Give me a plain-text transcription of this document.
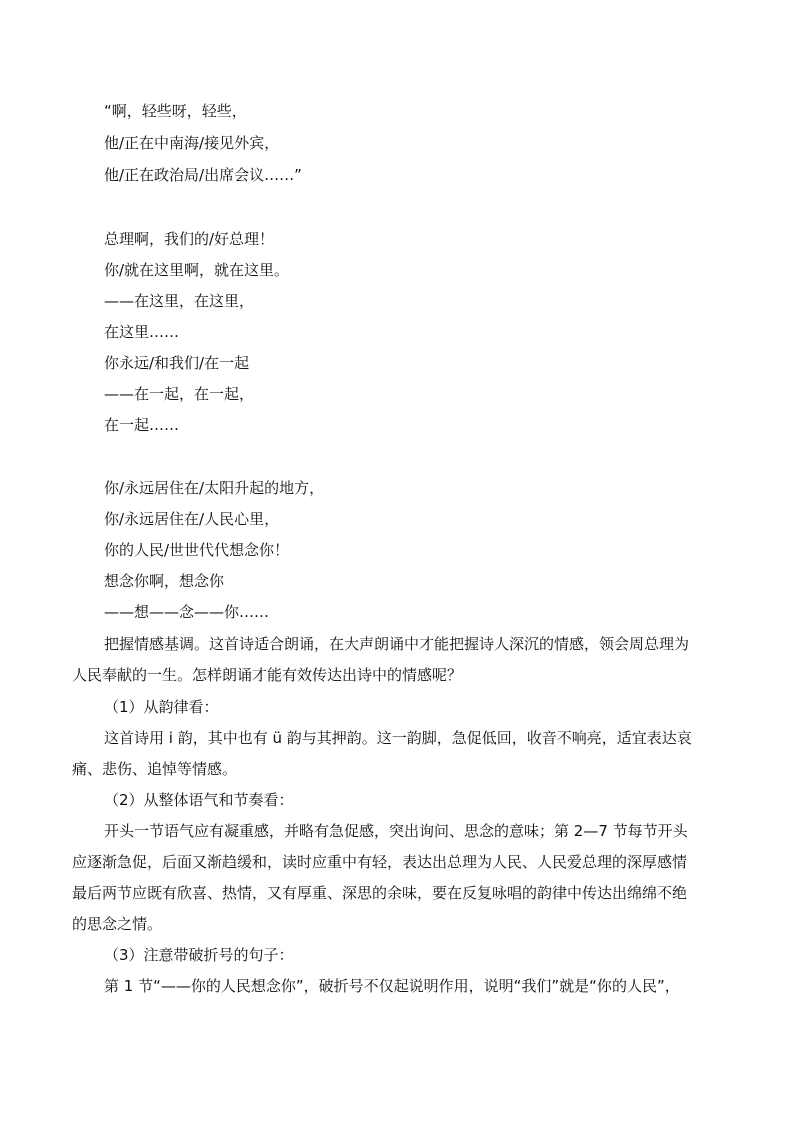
“啊，轻些呀，轻些，
他/正在中南海/接见外宾，
他/正在政治局/出席会议……”
总理啊，我们的/好总理！
你/就在这里啊，就在这里。
——在这里，在这里，
在这里……
你永远/和我们/在一起
——在一起，在一起，
在一起……
你/永远居住在/太阳升起的地方，
你/永远居住在/人民心里，
你的人民/世世代代想念你！
想念你啊，想念你
——想——念——你……
把握情感基调。这首诗适合朗诵，在大声朗诵中才能把握诗人深沉的情感，领会周总理为
人民奉献的一生。怎样朗诵才能有效传达出诗中的情感呢？
（1）从韵律看：
这首诗用 i 韵，其中也有 ü 韵与其押韵。这一韵脚，急促低回，收音不响亮，适宜表达哀
痛、悲伤、追悼等情感。
（2）从整体语气和节奏看：
开头一节语气应有凝重感，并略有急促感，突出询问、思念的意味；第 2—7 节每节开头
应逐渐急促，后面又渐趋缓和，读时应重中有轻，表达出总理为人民、人民爱总理的深厚感情
最后两节应既有欣喜、热情，又有厚重、深思的余味，要在反复咏唱的韵律中传达出绵绵不绝
的思念之情。
（3）注意带破折号的句子：
第 1 节“——你的人民想念你”，破折号不仅起说明作用，说明“我们”就是“你的人民”，
